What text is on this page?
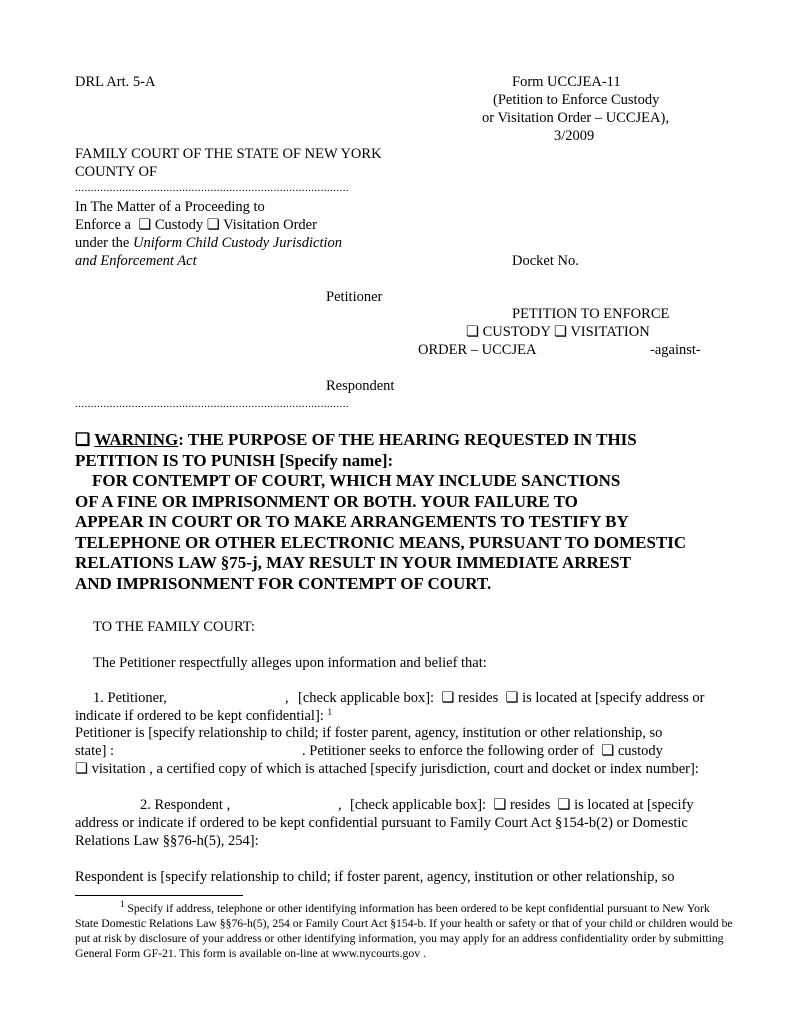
DRL Art. 5-A	Form UCCJEA-11
(Petition to Enforce Custody
or Visitation Order – UCCJEA),
3/2009
FAMILY COURT OF THE STATE OF NEW YORK
COUNTY OF
.......................................................................................
In The Matter of a Proceeding to
Enforce a ❏ Custody ❏ Visitation Order
under the Uniform Child Custody Jurisdiction
and Enforcement Act	Docket No.
Petitioner
PETITION TO ENFORCE
❏ CUSTODY ❏ VISITATION
ORDER – UCCJEA	-against-
Respondent
.......................................................................................
❏ WARNING: THE PURPOSE OF THE HEARING REQUESTED IN THIS
PETITION IS TO PUNISH [Specify name]:
FOR CONTEMPT OF COURT, WHICH MAY INCLUDE SANCTIONS
OF A FINE OR IMPRISONMENT OR BOTH. YOUR FAILURE TO
APPEAR IN COURT OR TO MAKE ARRANGEMENTS TO TESTIFY BY
TELEPHONE OR OTHER ELECTRONIC MEANS, PURSUANT TO DOMESTIC
RELATIONS LAW §75-j, MAY RESULT IN YOUR IMMEDIATE ARREST
AND IMPRISONMENT FOR CONTEMPT OF COURT.
TO THE FAMILY COURT:
The Petitioner respectfully alleges upon information and belief that:
1. Petitioner,	, [check applicable box]: ❏ resides ❏ is located at [specify address or
indicate if ordered to be kept confidential]: $^1$
Petitioner is [specify relationship to child; if foster parent, agency, institution or other relationship, so
state] :	. Petitioner seeks to enforce the following order of ❏ custody
❏ visitation , a certified copy of which is attached [specify jurisdiction, court and docket or index number]:
2. Respondent ,	, [check applicable box]: ❏ resides ❏ is located at [specify
address or indicate if ordered to be kept confidential pursuant to Family Court Act §154-b(2) or Domestic
Relations Law §§76-h(5), 254]:
Respondent is [specify relationship to child; if foster parent, agency, institution or other relationship, so
$^1$ Specify if address, telephone or other identifying information has been ordered to be kept confidential pursuant to New York State Domestic Relations Law §§76-h(5), 254 or Family Court Act §154-b. If your health or safety or that of your child or children would be put at risk by disclosure of your address or other identifying information, you may apply for an address confidentiality order by submitting General Form GF-21. This form is available on-line at www.nycourts.gov .
